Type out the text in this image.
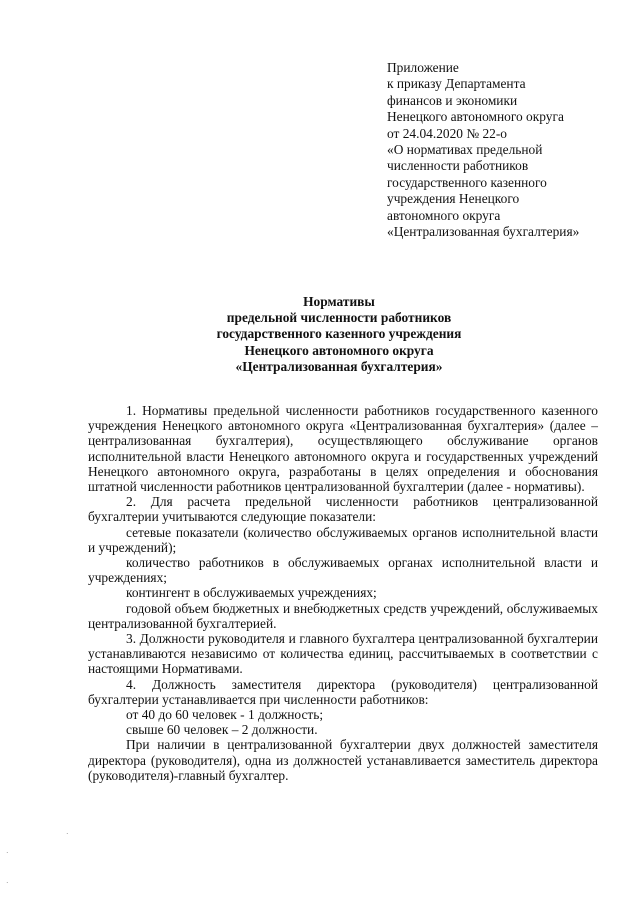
Приложение
к приказу Департамента
финансов и экономики
Ненецкого автономного округа
от 24.04.2020 № 22-о
«О нормативах предельной
численности работников
государственного казенного
учреждения Ненецкого
автономного округа
«Централизованная бухгалтерия»
Нормативы
предельной численности работников
государственного казенного учреждения
Ненецкого автономного округа
«Централизованная бухгалтерия»

1. Нормативы предельной численности работников государственного казенного учреждения Ненецкого автономного округа «Централизованная бухгалтерия» (далее – централизованная бухгалтерия), осуществляющего обслуживание органов исполнительной власти Ненецкого автономного округа и государственных учреждений Ненецкого автономного округа, разработаны в целях определения и обоснования штатной численности работников централизованной бухгалтерии (далее - нормативы).

2. Для расчета предельной численности работников централизованной бухгалтерии учитываются следующие показатели:

сетевые показатели (количество обслуживаемых органов исполнительной власти и учреждений);

количество работников в обслуживаемых органах исполнительной власти и учреждениях;

контингент в обслуживаемых учреждениях;

годовой объем бюджетных и внебюджетных средств учреждений, обслуживаемых централизованной бухгалтерией.

3. Должности руководителя и главного бухгалтера централизованной бухгалтерии устанавливаются независимо от количества единиц, рассчитываемых в соответствии с настоящими Нормативами.

4. Должность заместителя директора (руководителя) централизованной бухгалтерии устанавливается при численности работников:

от 40 до 60 человек - 1 должность;

свыше 60 человек – 2 должности.

При наличии в централизованной бухгалтерии двух должностей заместителя директора (руководителя), одна из должностей устанавливается заместитель директора (руководителя)-главный бухгалтер.

.
.
.
